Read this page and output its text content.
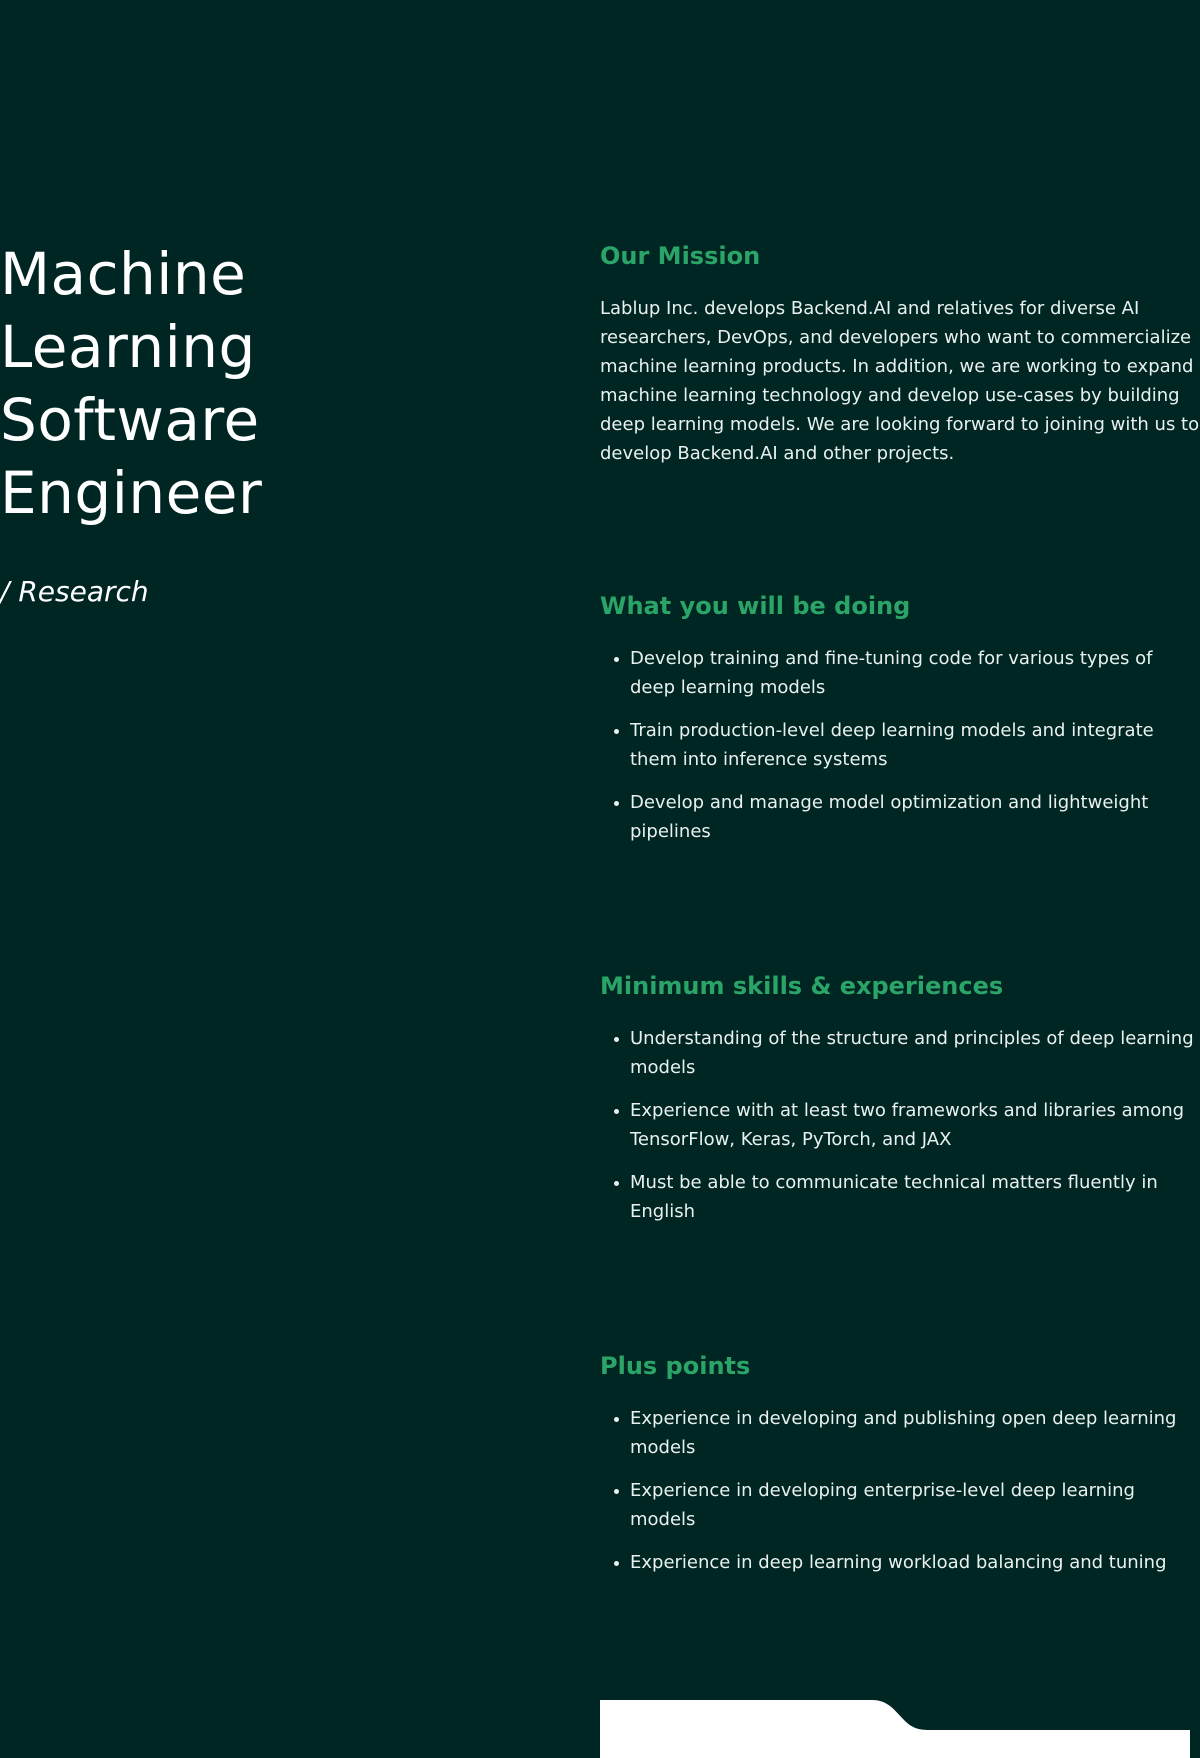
Machine
Learning
Software
Engineer
/ Research
Our Mission

Lablup Inc. develops Backend.AI and relatives for diverse AI researchers, DevOps, and developers who want to commercialize machine learning products. In addition, we are working to expand machine learning technology and develop use-cases by building deep learning models. We are looking forward to joining with us to develop Backend.AI and other projects.

What you will be doing
Develop training and fine-tuning code for various types of deep learning models
Train production-level deep learning models and integrate them into inference systems
Develop and manage model optimization and lightweight pipelines
Minimum skills & experiences
Understanding of the structure and principles of deep learning models
Experience with at least two frameworks and libraries among TensorFlow, Keras, PyTorch, and JAX
Must be able to communicate technical matters fluently in English
Plus points
Experience in developing and publishing open deep learning models
Experience in developing enterprise-level deep learning models
Experience in deep learning workload balancing and tuning
